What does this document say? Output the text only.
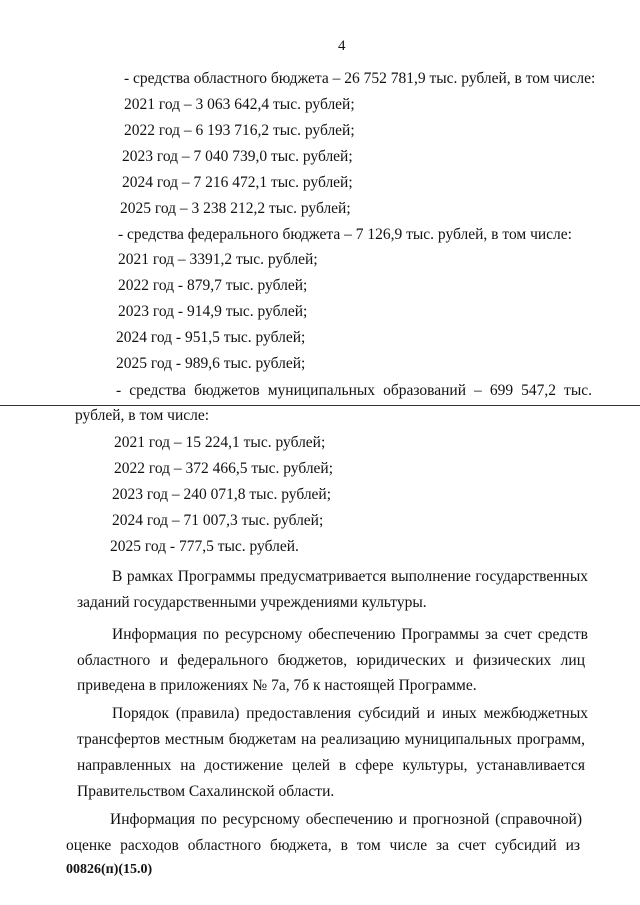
4
- средства областного бюджета – 26 752 781,9 тыс. рублей, в том числе:
2021 год – 3 063 642,4 тыс. рублей;
2022 год – 6 193 716,2 тыс. рублей;
2023 год – 7 040 739,0 тыс. рублей;
2024 год – 7 216 472,1 тыс. рублей;
2025 год – 3 238 212,2 тыс. рублей;
- средства федерального бюджета – 7 126,9 тыс. рублей, в том числе:
2021 год – 3391,2 тыс. рублей;
2022 год - 879,7 тыс. рублей;
2023 год - 914,9 тыс. рублей;
2024 год - 951,5 тыс. рублей;
2025 год - 989,6 тыс. рублей;
- средства бюджетов муниципальных образований – 699 547,2 тыс.
рублей, в том числе:
2021 год – 15 224,1 тыс. рублей;
2022 год – 372 466,5 тыс. рублей;
2023 год – 240 071,8 тыс. рублей;
2024 год – 71 007,3 тыс. рублей;
2025 год - 777,5 тыс. рублей.
В рамках Программы предусматривается выполнение государственных
заданий государственными учреждениями культуры.
Информация по ресурсному обеспечению Программы за счет средств
областного и федерального бюджетов, юридических и физических лиц
приведена в приложениях № 7а, 7б к настоящей Программе.
Порядок (правила) предоставления субсидий и иных межбюджетных
трансфертов местным бюджетам на реализацию муниципальных программ,
направленных на достижение целей в сфере культуры, устанавливается
Правительством Сахалинской области.
Информация по ресурсному обеспечению и прогнозной (справочной)
оценке расходов областного бюджета, в том числе за счет субсидий из
00826(п)(15.0)
